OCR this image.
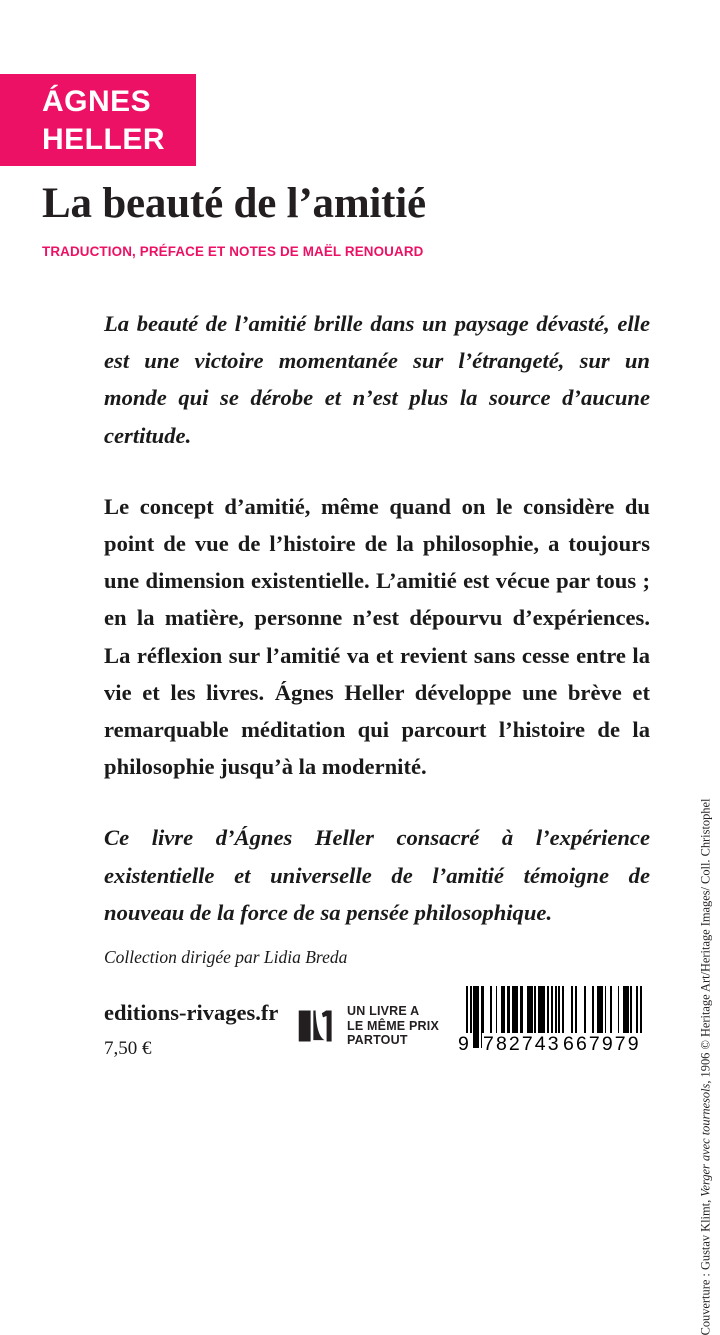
ÁGNES
HELLER
La beauté de l’amitié
TRADUCTION, PRÉFACE ET NOTES DE MAËL RENOUARD

La beauté de l’amitié brille dans un paysage dévasté, elle est une victoire momentanée sur l’étrangeté, sur un monde qui se dérobe et n’est plus la source d’aucune certitude.

Le concept d’amitié, même quand on le considère du point de vue de l’histoire de la philosophie, a toujours une dimension existentielle. L’amitié est vécue par tous ; en la matière, personne n’est dépourvu d’expériences. La réflexion sur l’amitié va et revient sans cesse entre la vie et les livres. Ágnes Heller développe une brève et remarquable méditation qui parcourt l’histoire de la philosophie jusqu’à la modernité.

Ce livre d’Ágnes Heller consacré à l’expérience existentielle et universelle de l’amitié témoigne de nouveau de la force de sa pensée philosophique.

Collection dirigée par Lidia Breda
editions-rivages.fr
7,50 €
UN LIVRE A
LE MÊME PRIX
PARTOUT	9 782743 667979
Couverture : Gustav Klimt, Verger avec tournesols, 1906 © Heritage Art/Heritage Images/ Coll. Christophel
